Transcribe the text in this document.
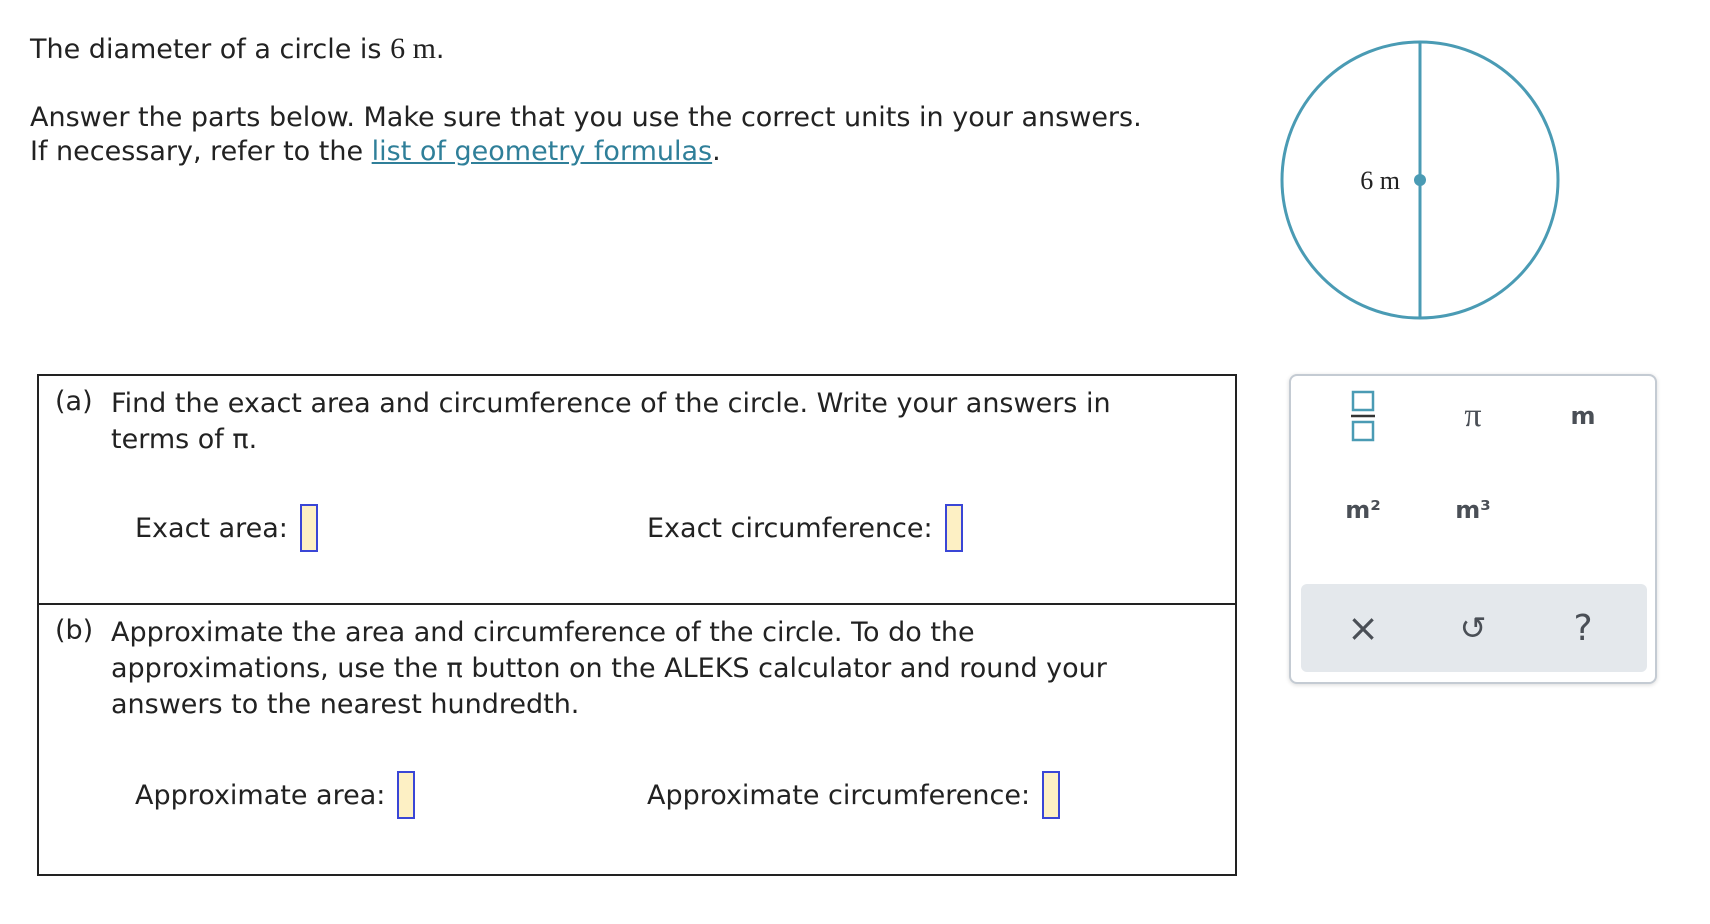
The diameter of a circle is 6 m.

Answer the parts below. Make sure that you use the correct units in your answers.

If necessary, refer to the list of geometry formulas.

6 m
(a) Find the exact area and circumference of the circle. Write your answers in terms of π.
Exact area:	Exact circumference:
(b) Approximate the area and circumference of the circle. To do the approximations, use the π button on the ALEKS calculator and round your answers to the nearest hundredth.
Approximate area:	Approximate circumference:
π	m
m²	m³
×	↺ ?
